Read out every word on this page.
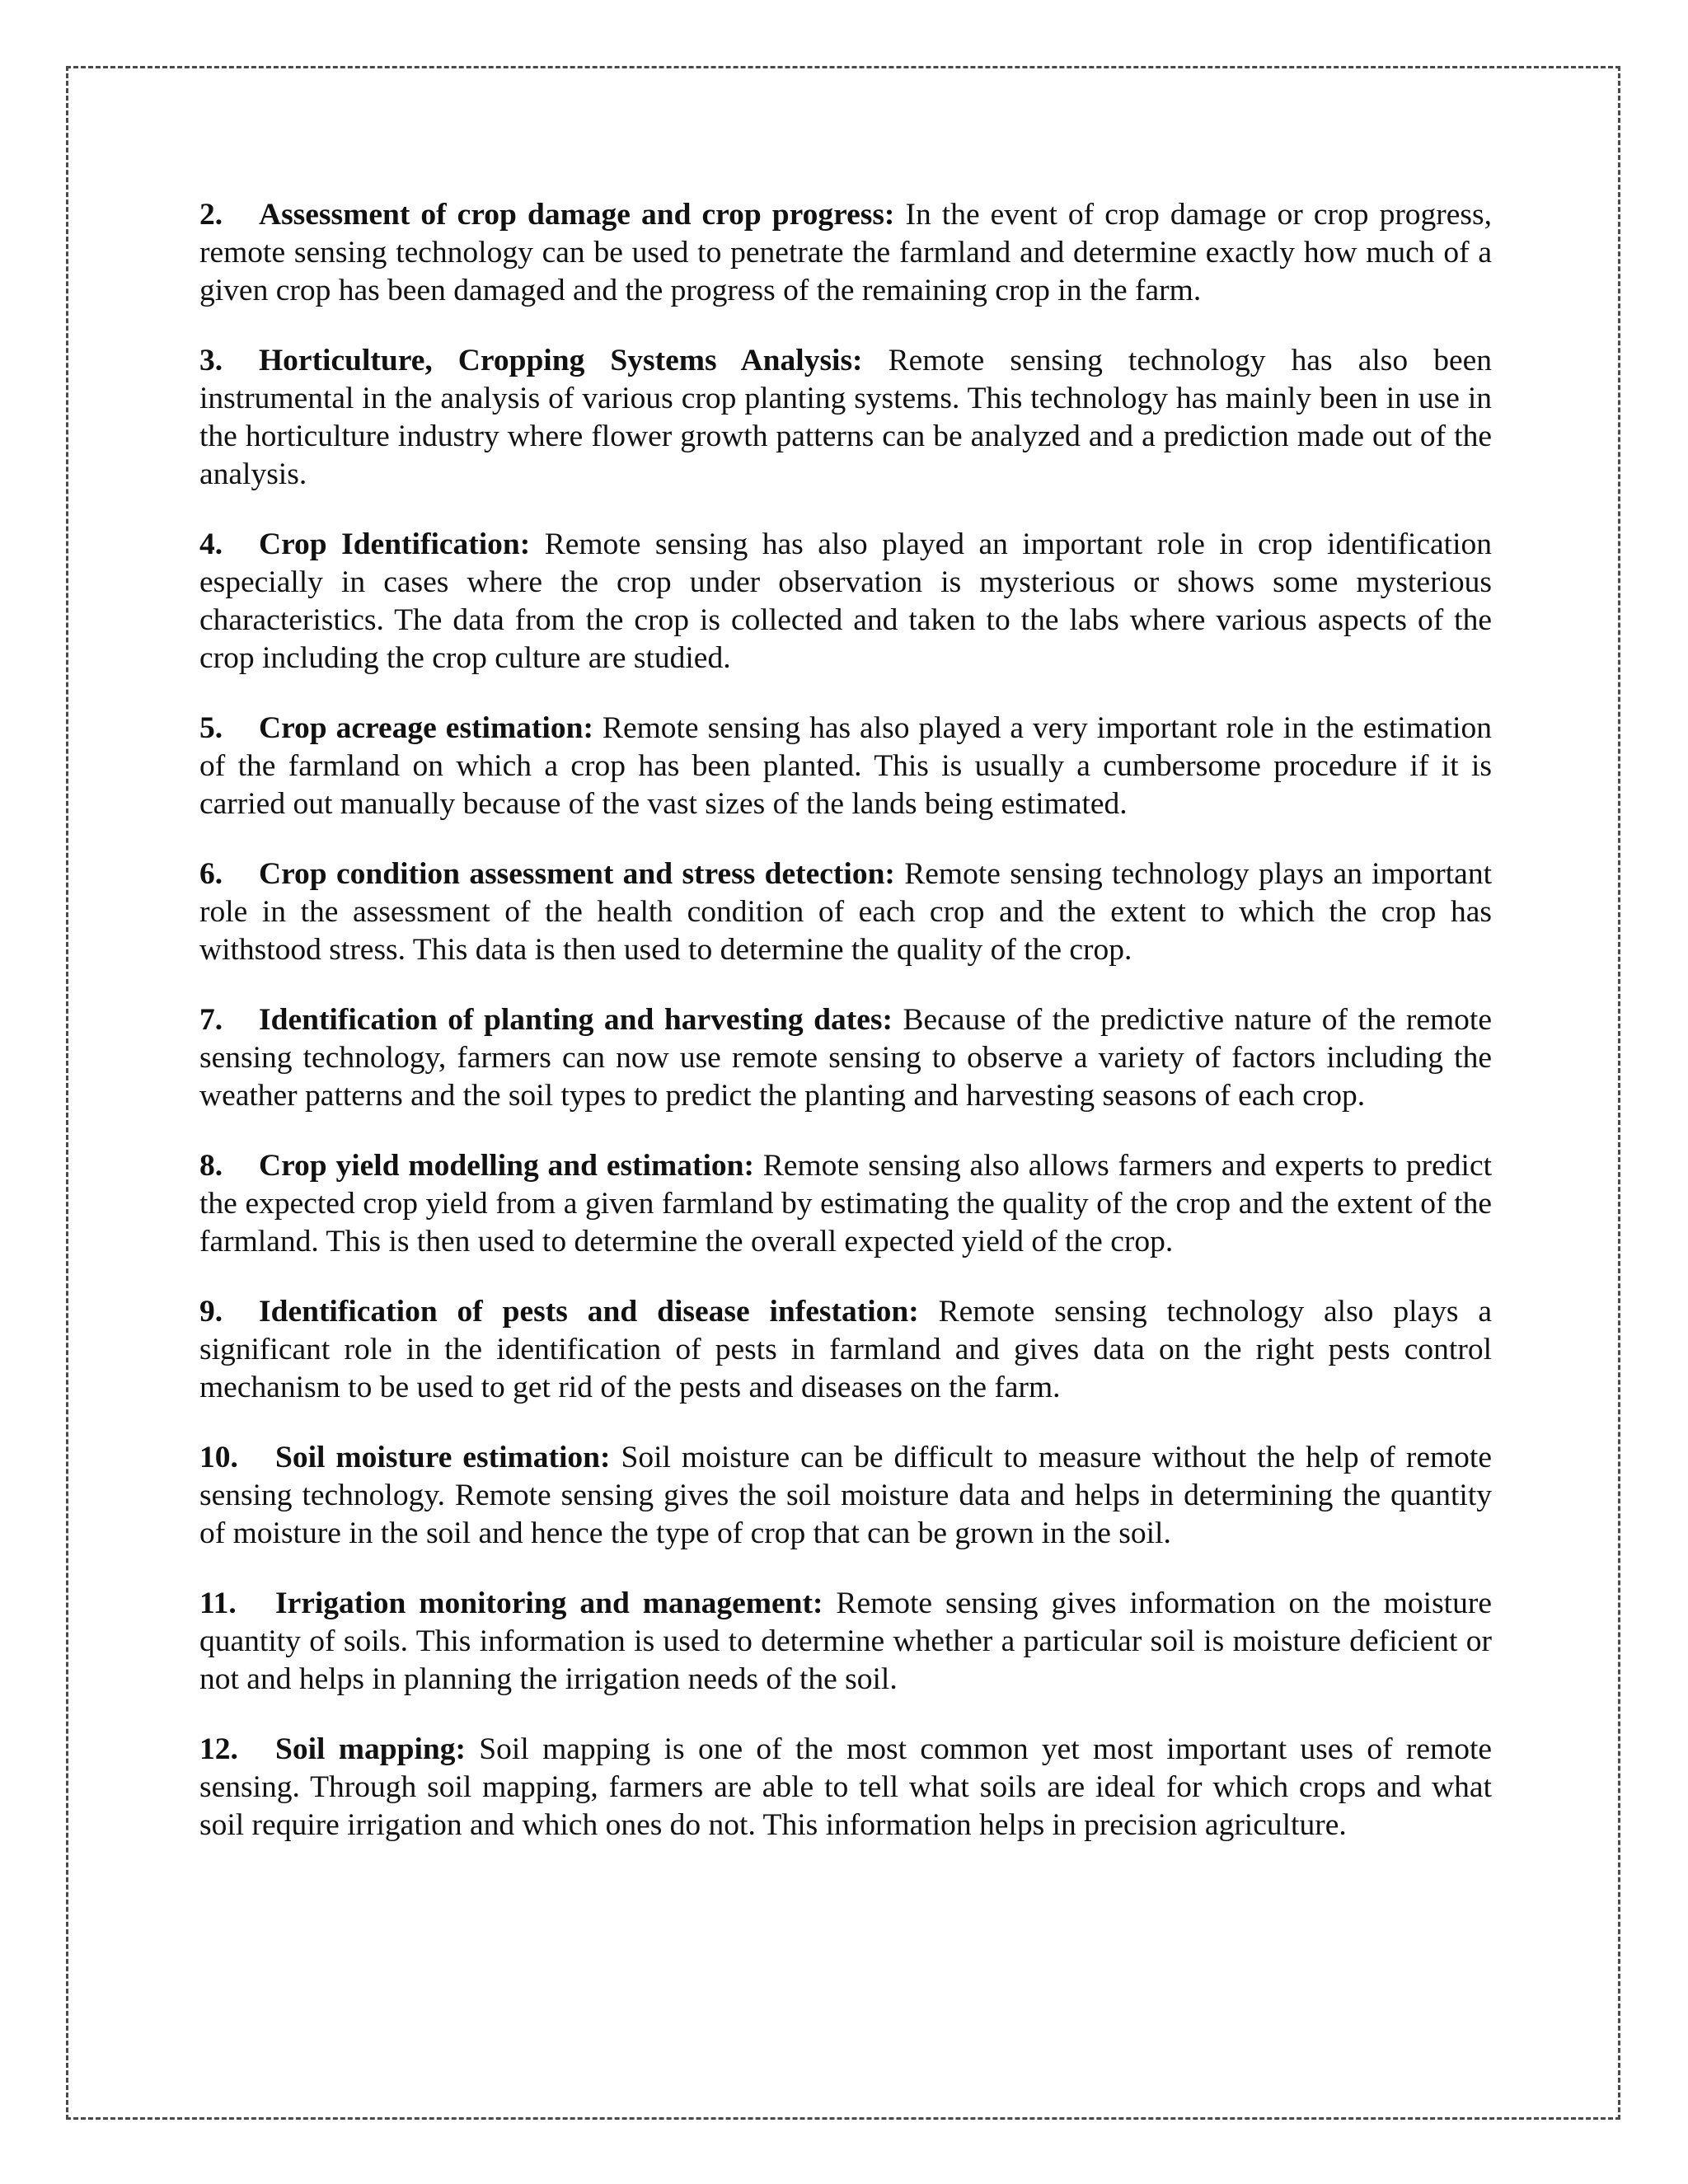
2. Assessment of crop damage and crop progress: In the event of crop damage or crop progress, remote sensing technology can be used to penetrate the farmland and determine exactly how much of a given crop has been damaged and the progress of the remaining crop in the farm.

3. Horticulture, Cropping Systems Analysis: Remote sensing technology has also been instrumental in the analysis of various crop planting systems. This technology has mainly been in use in the horticulture industry where flower growth patterns can be analyzed and a prediction made out of the analysis.

4. Crop Identification: Remote sensing has also played an important role in crop identification especially in cases where the crop under observation is mysterious or shows some mysterious characteristics. The data from the crop is collected and taken to the labs where various aspects of the crop including the crop culture are studied.

5. Crop acreage estimation: Remote sensing has also played a very important role in the estimation of the farmland on which a crop has been planted. This is usually a cumbersome procedure if it is carried out manually because of the vast sizes of the lands being estimated.

6. Crop condition assessment and stress detection: Remote sensing technology plays an important role in the assessment of the health condition of each crop and the extent to which the crop has withstood stress. This data is then used to determine the quality of the crop.

7. Identification of planting and harvesting dates: Because of the predictive nature of the remote sensing technology, farmers can now use remote sensing to observe a variety of factors including the weather patterns and the soil types to predict the planting and harvesting seasons of each crop.

8. Crop yield modelling and estimation: Remote sensing also allows farmers and experts to predict the expected crop yield from a given farmland by estimating the quality of the crop and the extent of the farmland. This is then used to determine the overall expected yield of the crop.

9. Identification of pests and disease infestation: Remote sensing technology also plays a significant role in the identification of pests in farmland and gives data on the right pests control mechanism to be used to get rid of the pests and diseases on the farm.

10. Soil moisture estimation: Soil moisture can be difficult to measure without the help of remote sensing technology. Remote sensing gives the soil moisture data and helps in determining the quantity of moisture in the soil and hence the type of crop that can be grown in the soil.

11. Irrigation monitoring and management: Remote sensing gives information on the moisture quantity of soils. This information is used to determine whether a particular soil is moisture deficient or not and helps in planning the irrigation needs of the soil.

12. Soil mapping: Soil mapping is one of the most common yet most important uses of remote sensing. Through soil mapping, farmers are able to tell what soils are ideal for which crops and what soil require irrigation and which ones do not. This information helps in precision agriculture.
